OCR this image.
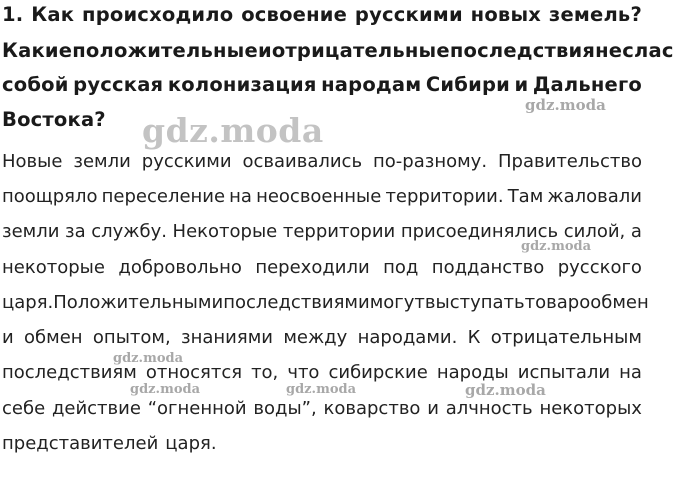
1. Как происходило освоение русскими новых земель?
Какие положительные и отрицательные последствия несла с
собой русская колонизация народам Сибири и Дальнего
Востока?
Новые земли русскими осваивались по-разному. Правительство
поощряло переселение на неосвоенные территории. Там жаловали
земли за службу. Некоторые территории присоединялись силой, а
некоторые добровольно переходили под подданство русского
царя. Положительными последствиями могут выступать товарообмен
и обмен опытом, знаниями между народами. К отрицательным
последствиям относятся то, что сибирские народы испытали на
себе действие “огненной воды”, коварство и алчность некоторых
представителей царя.
gdz.moda
gdz.moda
gdz.moda
gdz.moda
gdz.moda	gdz.moda	gdz.moda
